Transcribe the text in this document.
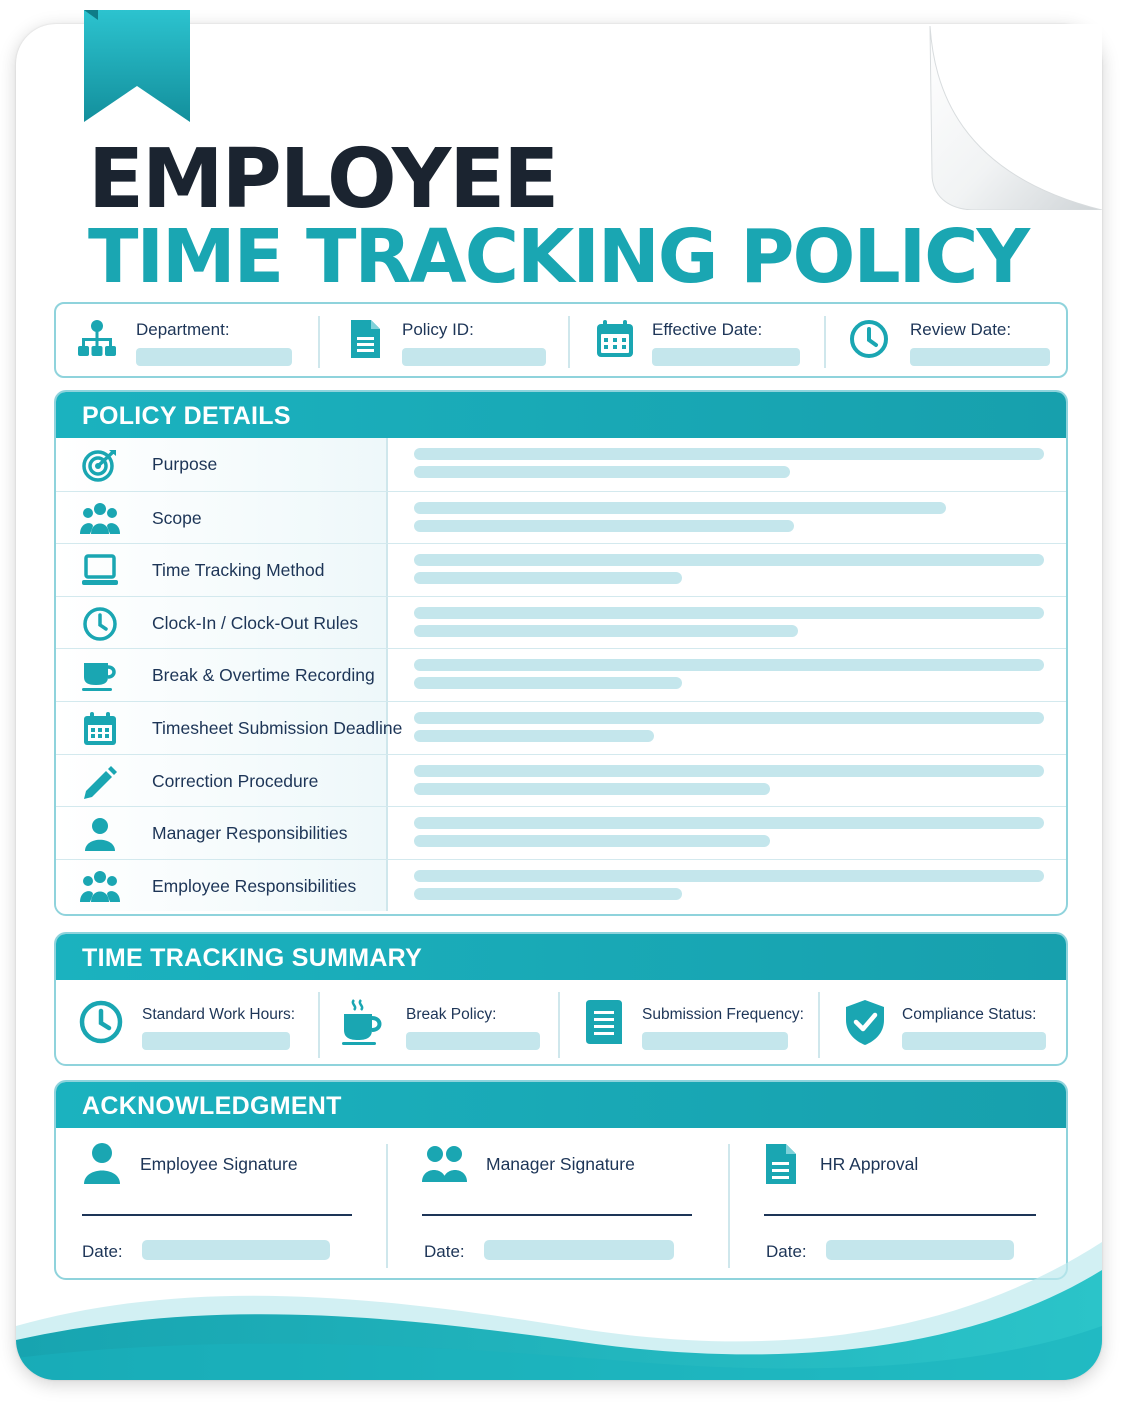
EMPLOYEE
TIME TRACKING POLICY
Department:	Policy ID:	Effective Date:	Review Date:
POLICY DETAILS
Purpose
Scope
Time Tracking Method
Clock-In / Clock-Out Rules
Break & Overtime Recording
Timesheet Submission Deadline
Correction Procedure
Manager Responsibilities
Employee Responsibilities
TIME TRACKING SUMMARY
Standard Work Hours:	Break Policy:	Submission Frequency:	Compliance Status:
ACKNOWLEDGMENT
Employee Signature
Date:
Manager Signature
Date:
HR Approval
Date:
